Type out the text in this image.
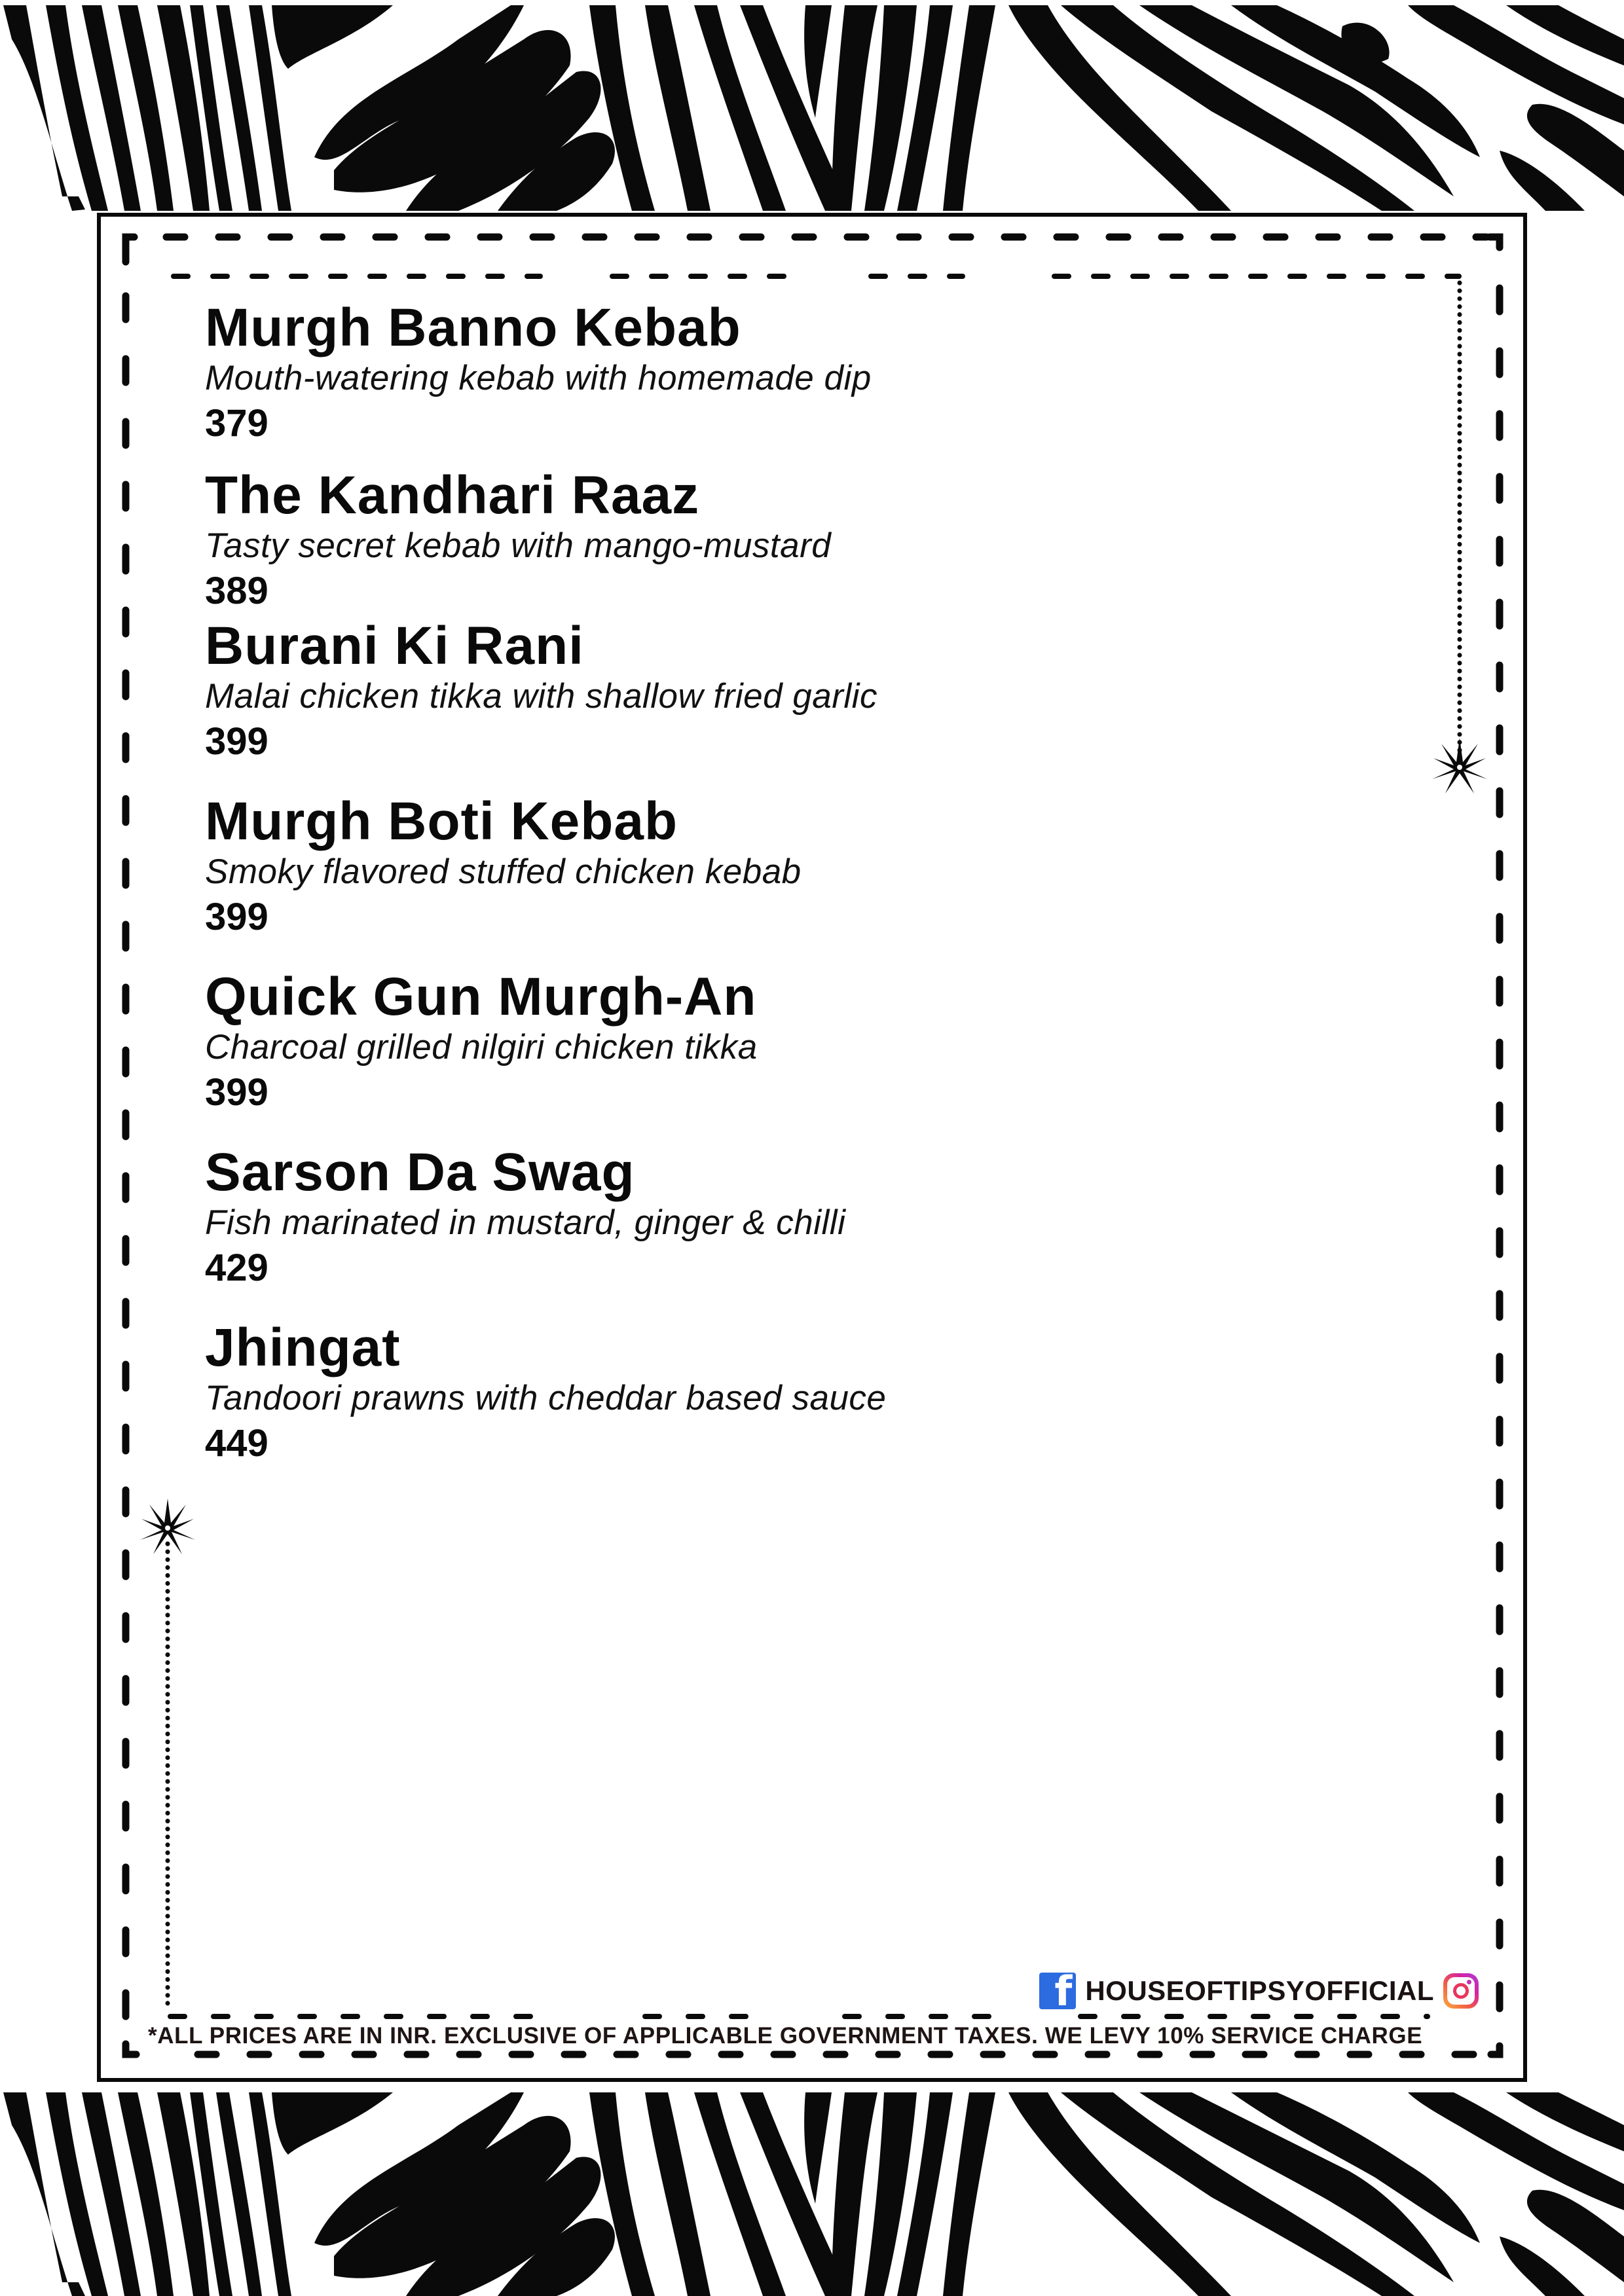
Murgh Banno Kebab
Mouth-watering kebab with homemade dip
379
The Kandhari Raaz
Tasty secret kebab with mango-mustard
389
Burani Ki Rani
Malai chicken tikka with shallow fried garlic
399
Murgh Boti Kebab
Smoky flavored stuffed chicken kebab
399
Quick Gun Murgh-An
Charcoal grilled nilgiri chicken tikka
399
Sarson Da Swag
Fish marinated in mustard, ginger & chilli
429
Jhingat
Tandoori prawns with cheddar based sauce
449
f HOUSEOFTIPSYOFFICIAL
*ALL PRICES ARE IN INR. EXCLUSIVE OF APPLICABLE GOVERNMENT TAXES. WE LEVY 10% SERVICE CHARGE
